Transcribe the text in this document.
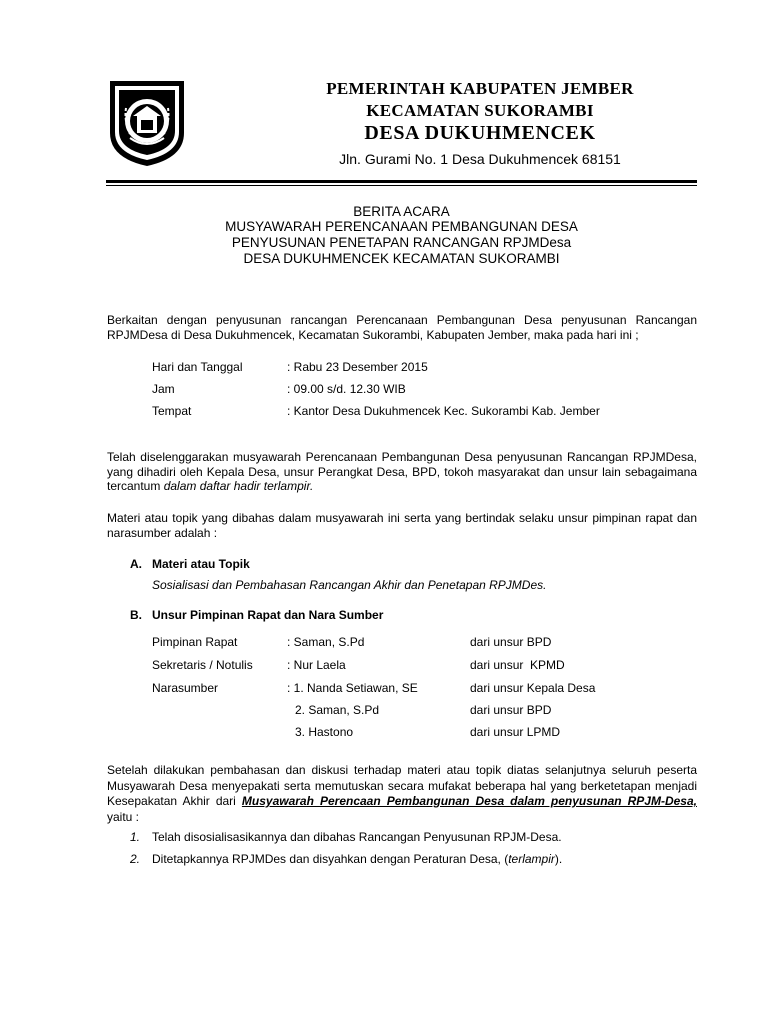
PEMERINTAH KABUPATEN JEMBER
KECAMATAN SUKORAMBI
DESA DUKUHMENCEK
Jln. Gurami No. 1 Desa Dukuhmencek 68151
BERITA ACARA
MUSYAWARAH PERENCANAAN PEMBANGUNAN DESA
PENYUSUNAN PENETAPAN RANCANGAN RPJMDesa
DESA DUKUHMENCEK KECAMATAN SUKORAMBI
Berkaitan dengan penyusunan rancangan Perencanaan Pembangunan Desa penyusunan Rancangan RPJMDesa di Desa Dukuhmencek, Kecamatan Sukorambi, Kabupaten Jember, maka pada hari ini ;
Hari dan Tanggal	: Rabu 23 Desember 2015
Jam	: 09.00 s/d. 12.30 WIB
Tempat	: Kantor Desa Dukuhmencek Kec. Sukorambi Kab. Jember
Telah diselenggarakan musyawarah Perencanaan Pembangunan Desa penyusunan Rancangan RPJMDesa, yang dihadiri oleh Kepala Desa, unsur Perangkat Desa, BPD, tokoh masyarakat dan unsur lain sebagaimana tercantum dalam daftar hadir terlampir.
Materi atau topik yang dibahas dalam musyawarah ini serta yang bertindak selaku unsur pimpinan rapat dan narasumber adalah :
A. Materi atau Topik
Sosialisasi dan Pembahasan Rancangan Akhir dan Penetapan RPJMDes.
B. Unsur Pimpinan Rapat dan Nara Sumber
Pimpinan Rapat	: Saman, S.Pd	dari unsur BPD
Sekretaris / Notulis	: Nur Laela	dari unsur  KPMD
Narasumber	: 1. Nanda Setiawan, SE	dari unsur Kepala Desa
2. Saman, S.Pd	dari unsur BPD
3. Hastono	dari unsur LPMD
Setelah dilakukan pembahasan dan diskusi terhadap materi atau topik diatas selanjutnya seluruh peserta Musyawarah Desa menyepakati serta memutuskan secara mufakat beberapa hal yang berketetapan menjadi Kesepakatan Akhir dari Musyawarah Perencaan Pembangunan Desa dalam penyusunan RPJM-Desa, yaitu :
1. Telah disosialisasikannya dan dibahas Rancangan Penyusunan RPJM-Desa.
2. Ditetapkannya RPJMDes dan disyahkan dengan Peraturan Desa, (terlampir).
